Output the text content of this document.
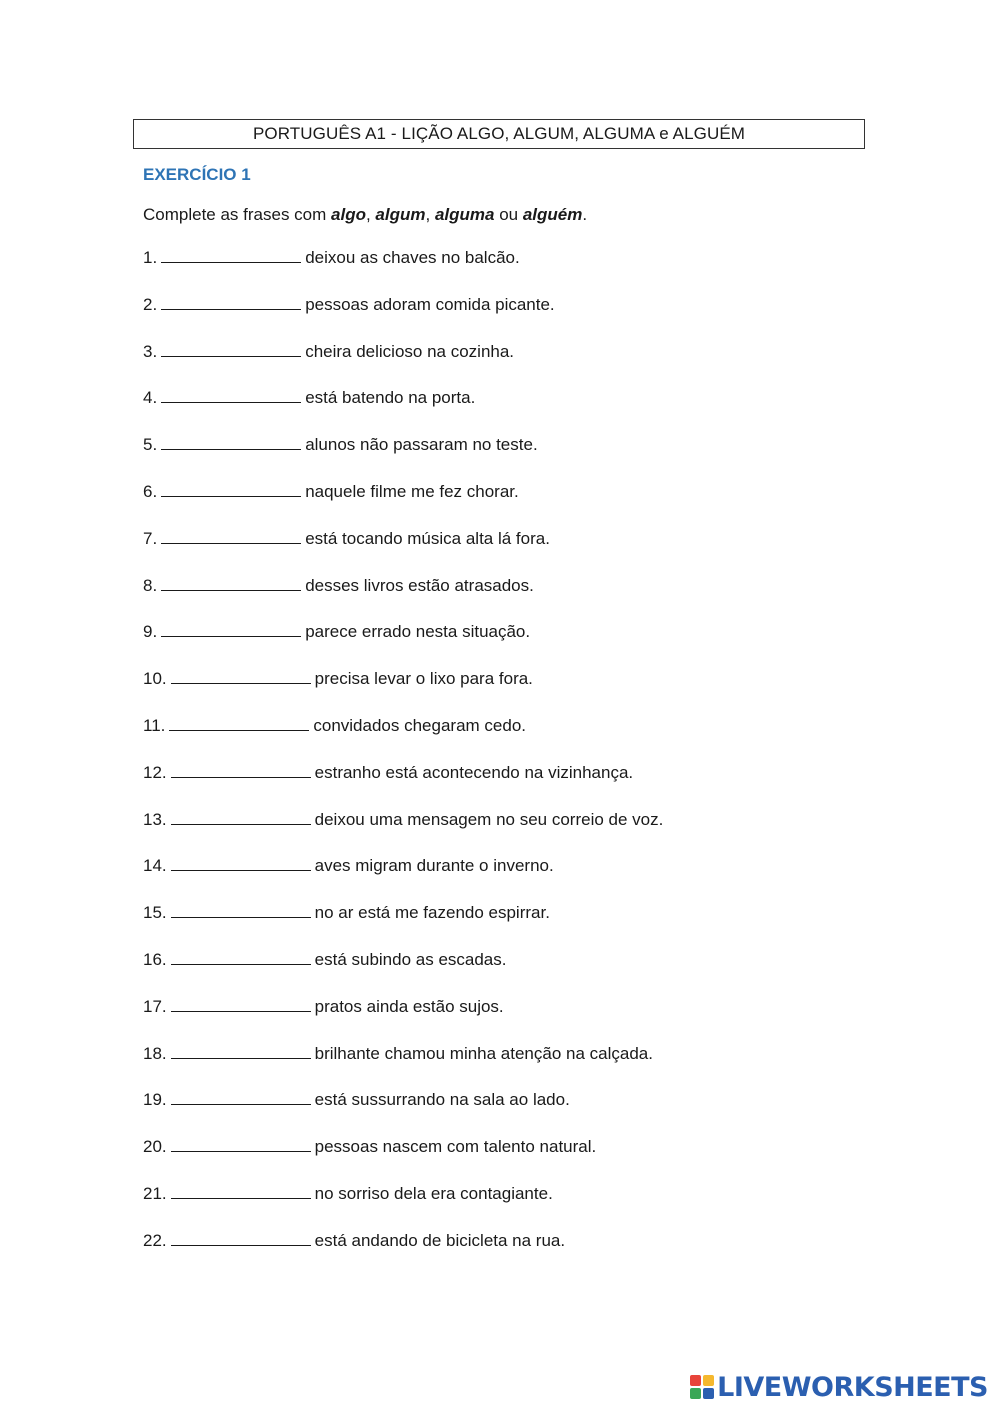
PORTUGUÊS A1 - LIÇÃO ALGO, ALGUM, ALGUMA e ALGUÉM
EXERCÍCIO 1
Complete as frases com algo, algum, alguma ou alguém.
1.	deixou as chaves no balcão.
2.	pessoas adoram comida picante.
3.	cheira delicioso na cozinha.
4.	está batendo na porta.
5.	alunos não passaram no teste.
6.	naquele filme me fez chorar.
7.	está tocando música alta lá fora.
8.	desses livros estão atrasados.
9.	parece errado nesta situação.
10.	precisa levar o lixo para fora.
11.	convidados chegaram cedo.
12.	estranho está acontecendo na vizinhança.
13.	deixou uma mensagem no seu correio de voz.
14.	aves migram durante o inverno.
15.	no ar está me fazendo espirrar.
16.	está subindo as escadas.
17.	pratos ainda estão sujos.
18.	brilhante chamou minha atenção na calçada.
19.	está sussurrando na sala ao lado.
20.	pessoas nascem com talento natural.
21.	no sorriso dela era contagiante.
22.	está andando de bicicleta na rua.
LIVEWORKSHEETS
